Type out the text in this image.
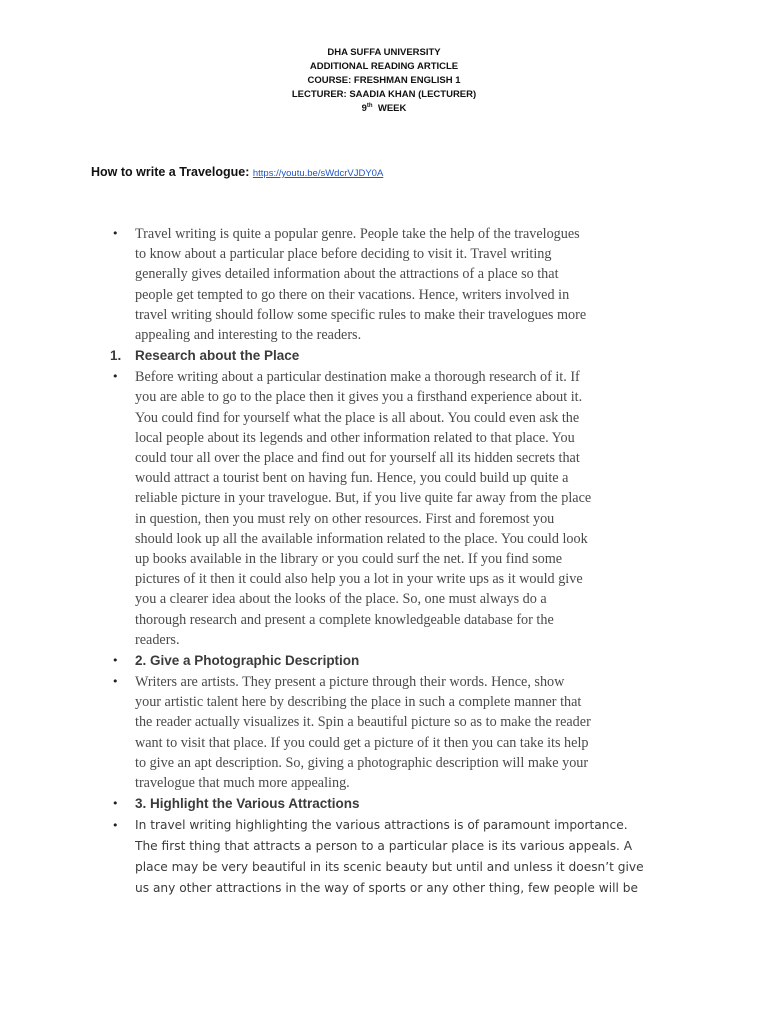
DHA SUFFA UNIVERSITY
ADDITIONAL READING ARTICLE
COURSE: FRESHMAN ENGLISH 1
LECTURER: SAADIA KHAN (LECTURER)
9th WEEK
How to write a Travelogue: https://youtu.be/sWdcrVJDY0A
• Travel writing is quite a popular genre. People take the help of the travelogues
to know about a particular place before deciding to visit it. Travel writing
generally gives detailed information about the attractions of a place so that
people get tempted to go there on their vacations. Hence, writers involved in
travel writing should follow some specific rules to make their travelogues more
appealing and interesting to the readers.
1. Research about the Place
• Before writing about a particular destination make a thorough research of it. If
you are able to go to the place then it gives you a firsthand experience about it.
You could find for yourself what the place is all about. You could even ask the
local people about its legends and other information related to that place. You
could tour all over the place and find out for yourself all its hidden secrets that
would attract a tourist bent on having fun. Hence, you could build up quite a
reliable picture in your travelogue. But, if you live quite far away from the place
in question, then you must rely on other resources. First and foremost you
should look up all the available information related to the place. You could look
up books available in the library or you could surf the net. If you find some
pictures of it then it could also help you a lot in your write ups as it would give
you a clearer idea about the looks of the place. So, one must always do a
thorough research and present a complete knowledgeable database for the
readers.
• 2. Give a Photographic Description
• Writers are artists. They present a picture through their words. Hence, show
your artistic talent here by describing the place in such a complete manner that
the reader actually visualizes it. Spin a beautiful picture so as to make the reader
want to visit that place. If you could get a picture of it then you can take its help
to give an apt description. So, giving a photographic description will make your
travelogue that much more appealing.
• 3. Highlight the Various Attractions
• In travel writing highlighting the various attractions is of paramount importance.
The first thing that attracts a person to a particular place is its various appeals. A
place may be very beautiful in its scenic beauty but until and unless it doesn’t give
us any other attractions in the way of sports or any other thing, few people will be
